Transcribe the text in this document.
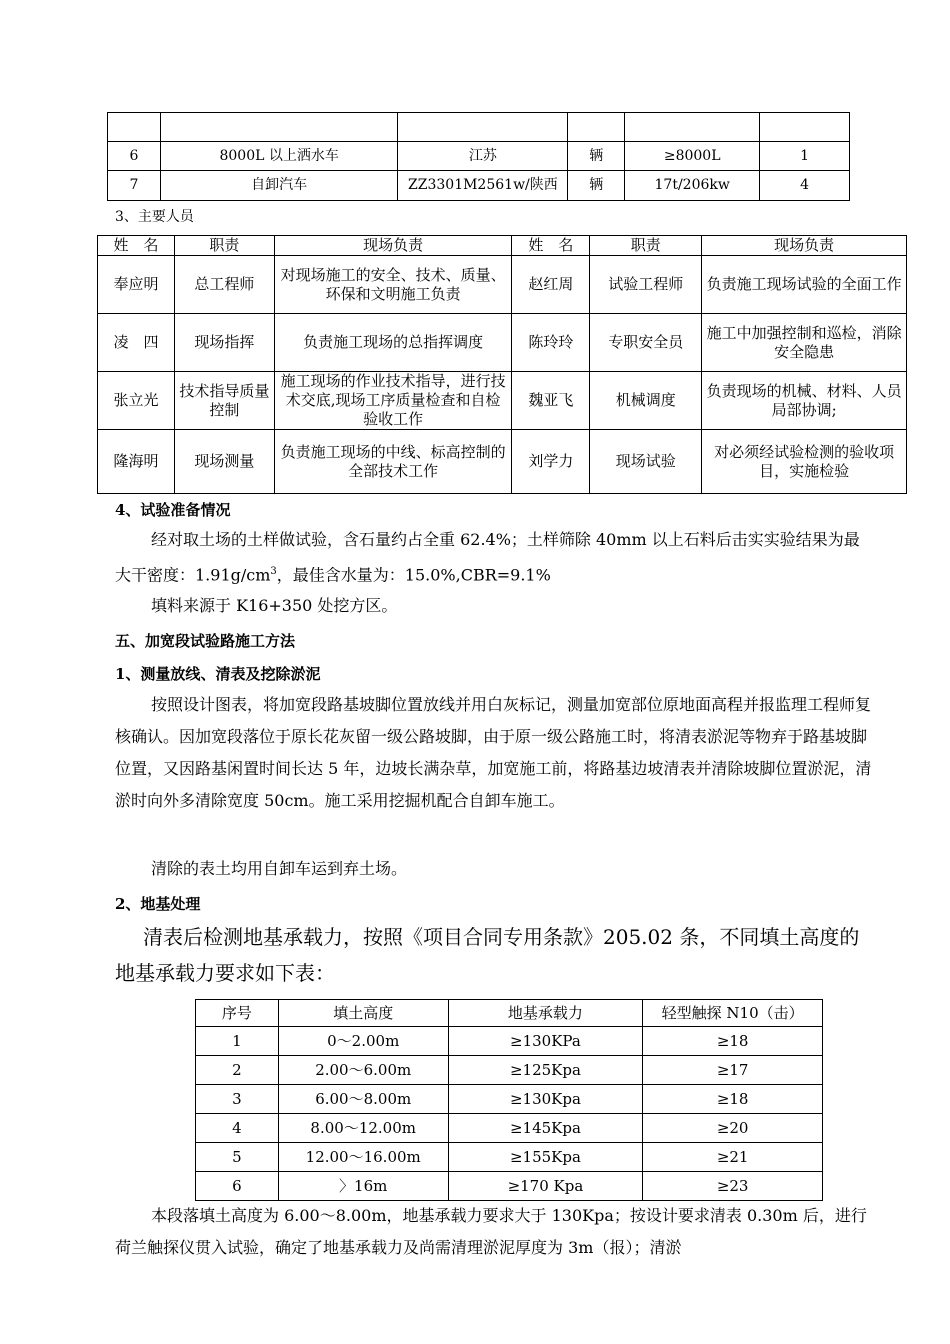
6	8000L 以上洒水车	江苏	辆	≥8000L	1
7	自卸汽车	ZZ3301M2561w/陕西	辆	17t/206kw	4
3、主要人员
姓　名	职责	现场负责	姓　名	职责	现场负责
奉应明	总工程师	对现场施工的安全、技术、质量、环保和文明施工负责	赵红周	试验工程师	负责施工现场试验的全面工作
凌　四	现场指挥	负责施工现场的总指挥调度	陈玲玲	专职安全员	施工中加强控制和巡检，消除安全隐患
张立光	技术指导质量控制	施工现场的作业技术指导，进行技术交底,现场工序质量检查和自检验收工作	魏亚飞	机械调度	负责现场的机械、材料、人员局部协调;
隆海明	现场测量	负责施工现场的中线、标高控制的全部技术工作	刘学力	现场试验	对必须经试验检测的验收项目，实施检验
4、试验准备情况

经对取土场的土样做试验，含石量约占全重 62.4%；土样筛除 40mm 以上石料后击实实验结果为最大干密度：$1.91g/cm^3$，最佳含水量为：15.0%,CBR=9.1%

填料来源于 K16+350 处挖方区。

五、加宽段试验路施工方法
1、测量放线、清表及挖除淤泥

按照设计图表，将加宽段路基坡脚位置放线并用白灰标记，测量加宽部位原地面高程并报监理工程师复核确认。因加宽段落位于原长花灰留一级公路坡脚，由于原一级公路施工时，将清表淤泥等物弃于路基坡脚位置，又因路基闲置时间长达 5 年，边坡长满杂草，加宽施工前，将路基边坡清表并清除坡脚位置淤泥，清淤时向外多清除宽度 50cm。施工采用挖掘机配合自卸车施工。

清除的表土均用自卸车运到弃土场。

2、地基处理

清表后检测地基承载力，按照《项目合同专用条款》205.02 条，不同填土高度的地基承载力要求如下表：

序号	填土高度	地基承载力	轻型触探 N10（击）
1	0～2.00m	≥130KPa	≥18
2	2.00～6.00m	≥125Kpa	≥17
3	6.00～8.00m	≥130Kpa	≥18
4	8.00～12.00m	≥145Kpa	≥20
5	12.00～16.00m	≥155Kpa	≥21
6	〉16m	≥170 Kpa	≥23

本段落填土高度为 6.00～8.00m，地基承载力要求大于 130Kpa；按设计要求清表 0.30m 后，进行荷兰触探仪贯入试验，确定了地基承载力及尚需清理淤泥厚度为 3m（报）；清淤
